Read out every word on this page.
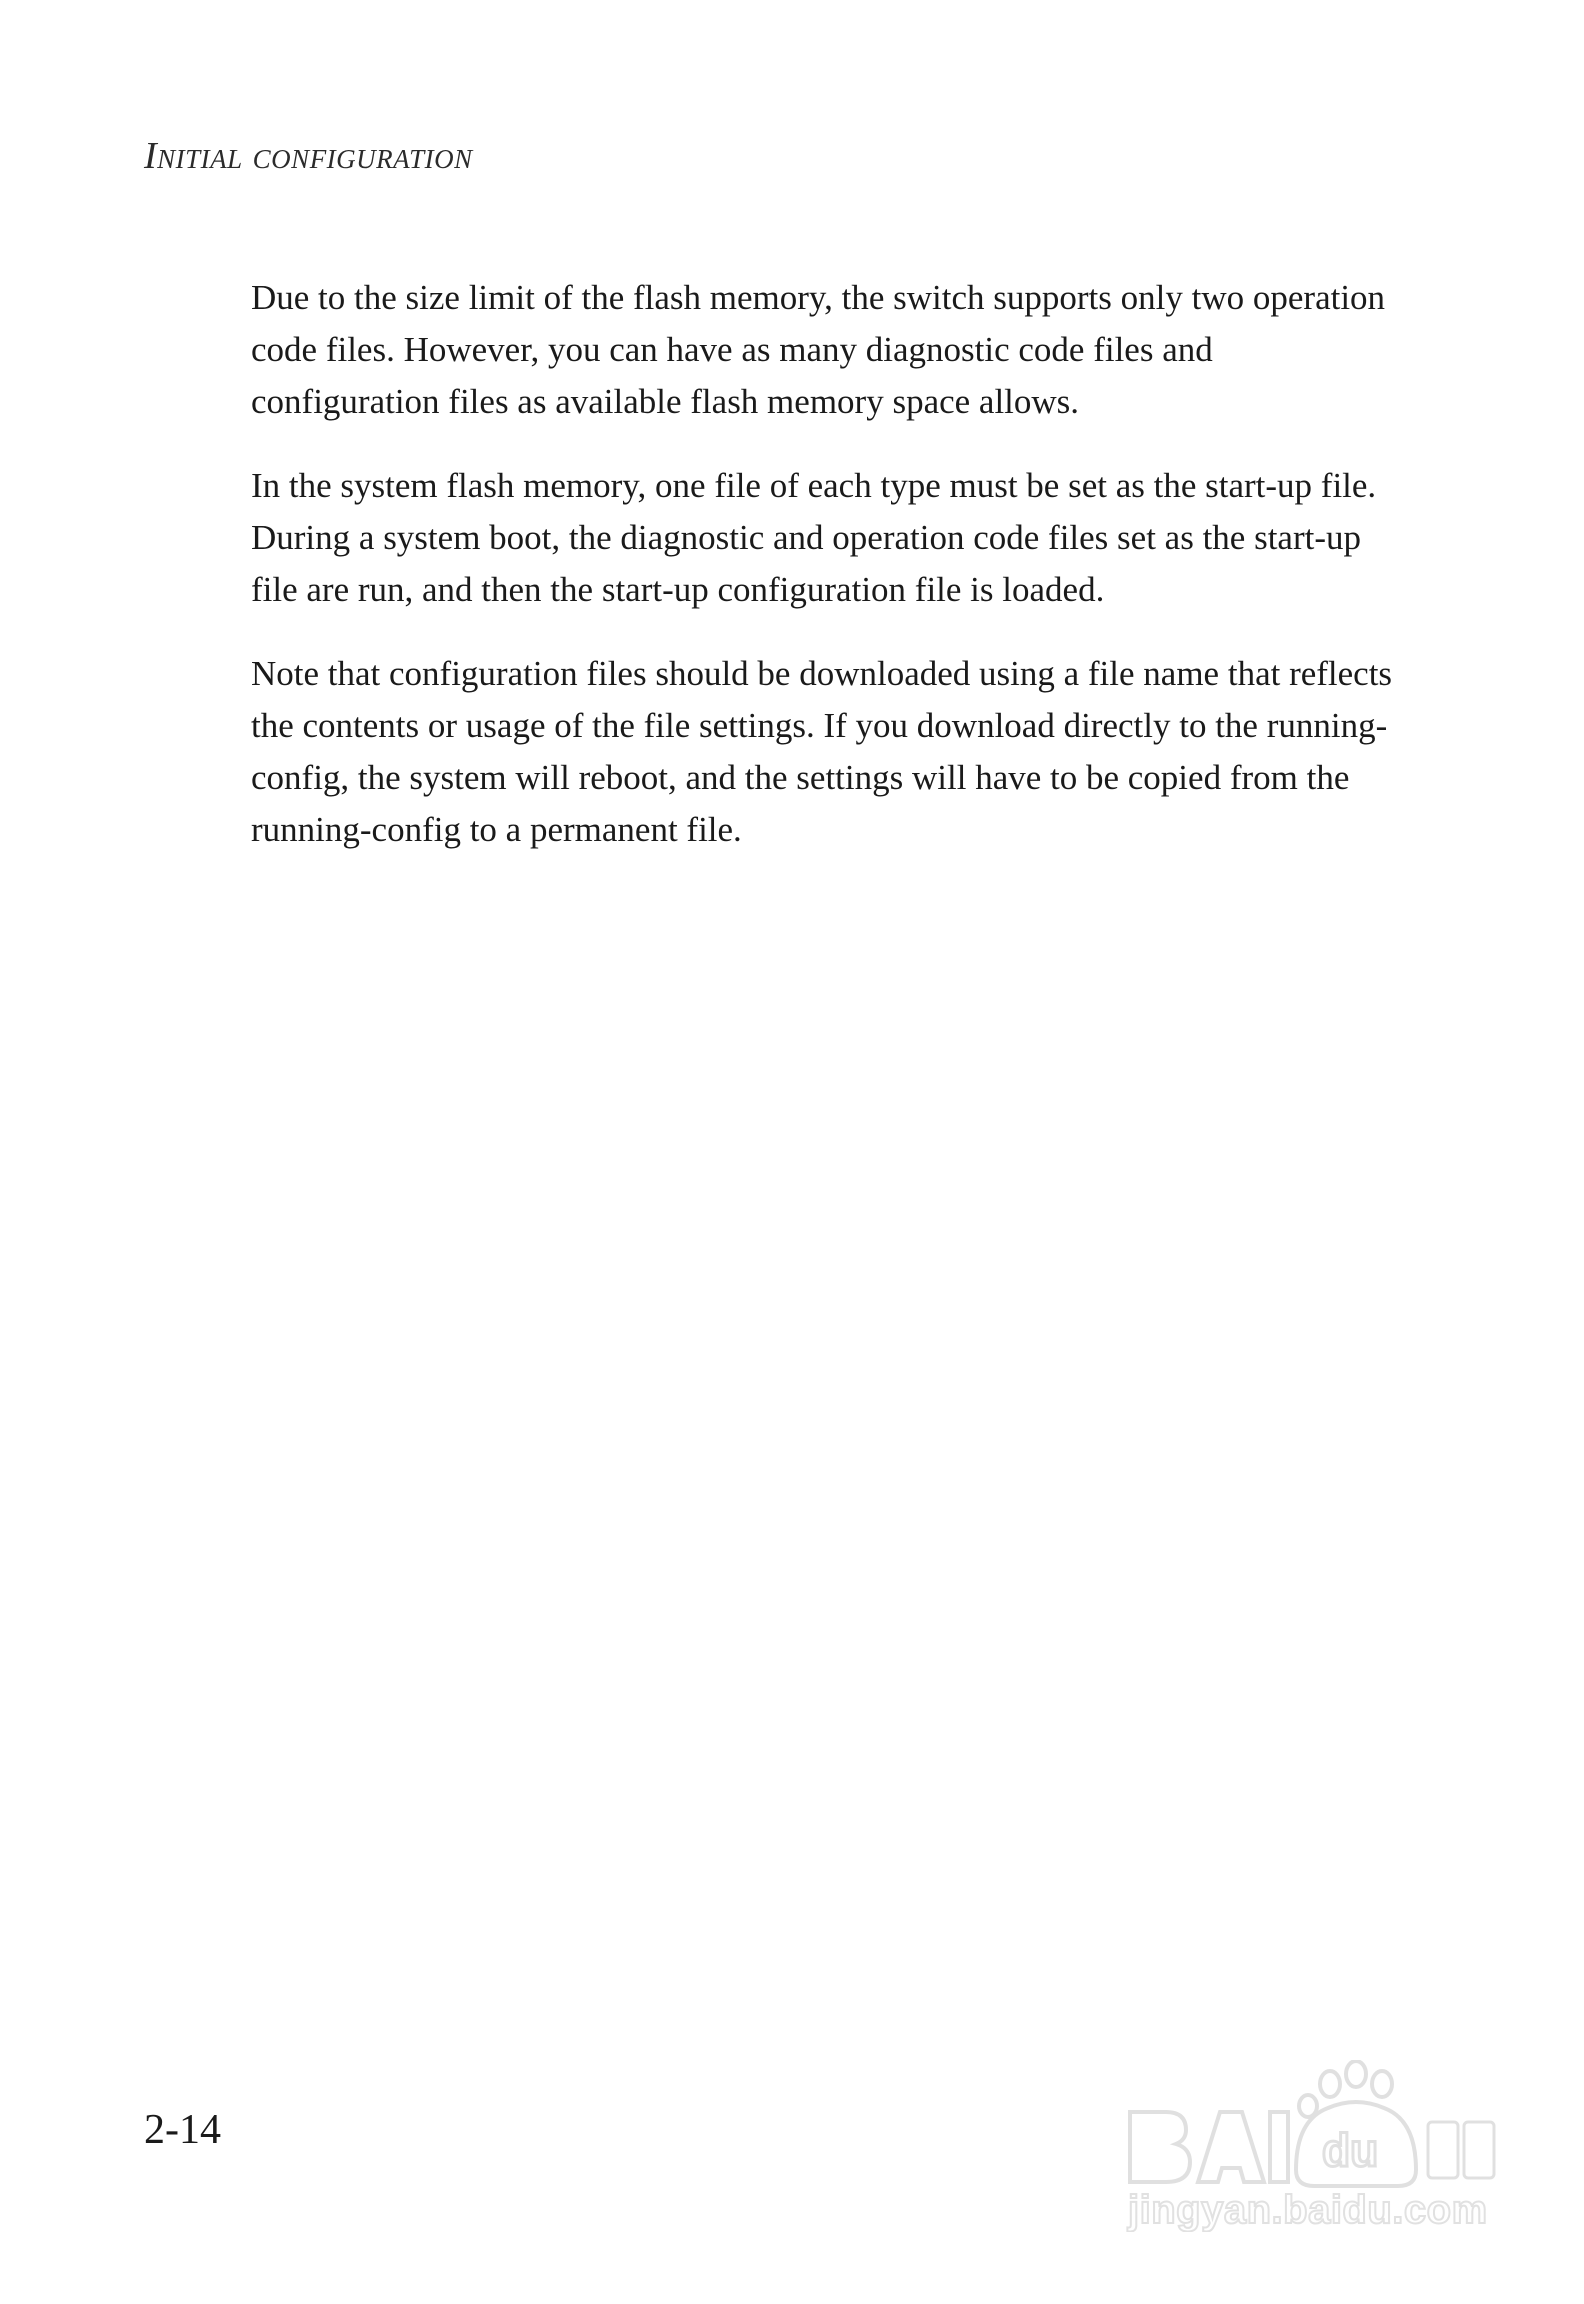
Initial configuration

Due to the size limit of the flash memory, the switch supports only two operation code files. However, you can have as many diagnostic code files and configuration files as available flash memory space allows.

In the system flash memory, one file of each type must be set as the start-up file. During a system boot, the diagnostic and operation code files set as the start-up file are run, and then the start-up configuration file is loaded.

Note that configuration files should be downloaded using a file name that reflects the contents or usage of the file settings. If you download directly to the running-config, the system will reboot, and the settings will have to be copied from the running-config to a permanent file.

2-14	du
jingyan.baidu.com
